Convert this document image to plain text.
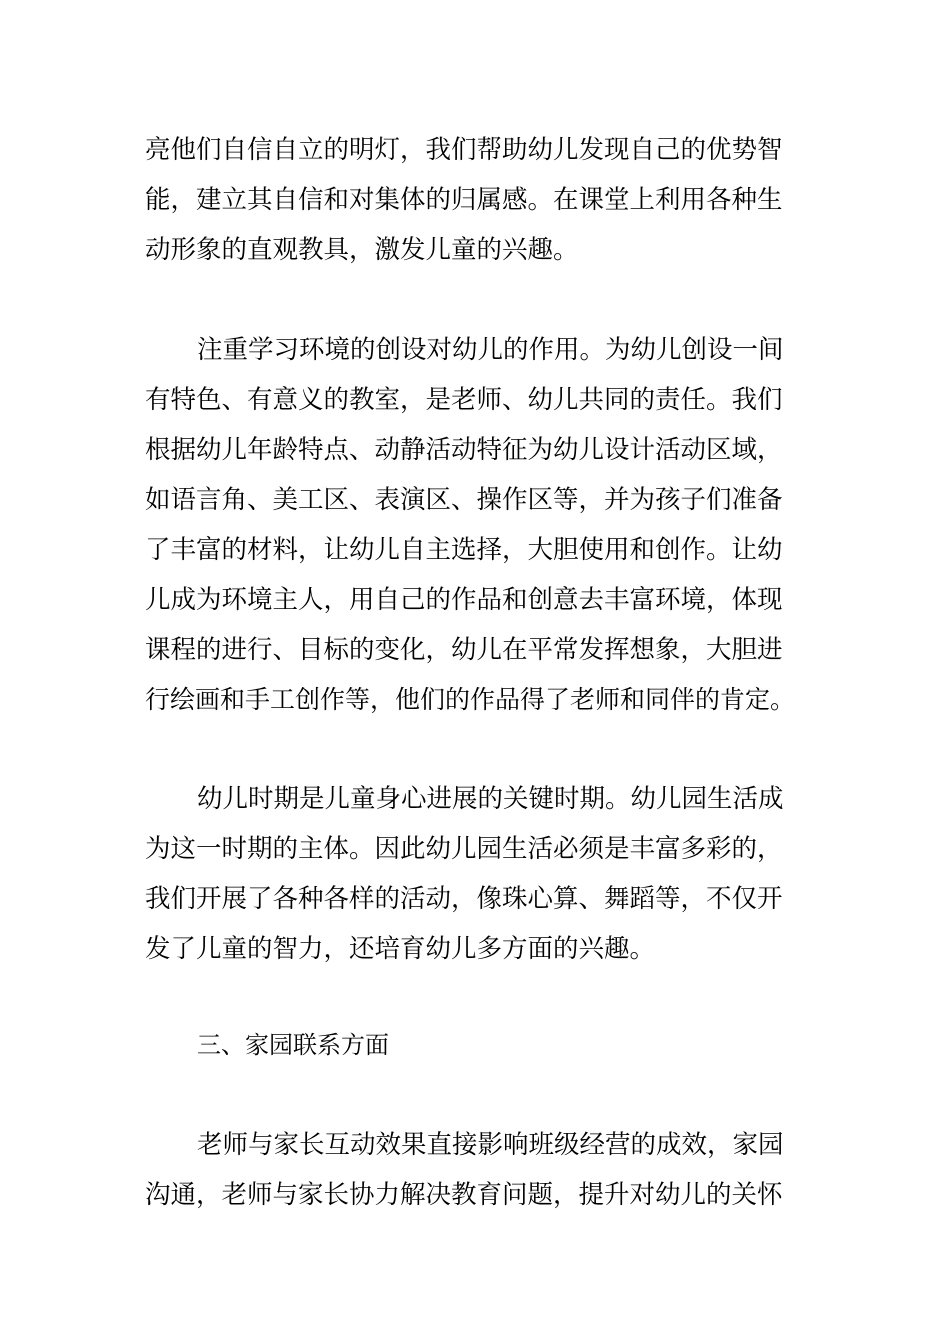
亮他们自信自立的明灯，我们帮助幼儿发现自己的优势智
能，建立其自信和对集体的归属感。在课堂上利用各种生
动形象的直观教具，激发儿童的兴趣。
注重学习环境的创设对幼儿的作用。为幼儿创设一间
有特色、有意义的教室，是老师、幼儿共同的责任。我们
根据幼儿年龄特点、动静活动特征为幼儿设计活动区域，
如语言角、美工区、表演区、操作区等，并为孩子们准备
了丰富的材料，让幼儿自主选择，大胆使用和创作。让幼
儿成为环境主人，用自己的作品和创意去丰富环境，体现
课程的进行、目标的变化，幼儿在平常发挥想象，大胆进
行绘画和手工创作等，他们的作品得了老师和同伴的肯定。
幼儿时期是儿童身心进展的关键时期。幼儿园生活成
为这一时期的主体。因此幼儿园生活必须是丰富多彩的，
我们开展了各种各样的活动，像珠心算、舞蹈等，不仅开
发了儿童的智力，还培育幼儿多方面的兴趣。
三、家园联系方面
老师与家长互动效果直接影响班级经营的成效，家园
沟通，老师与家长协力解决教育问题，提升对幼儿的关怀
